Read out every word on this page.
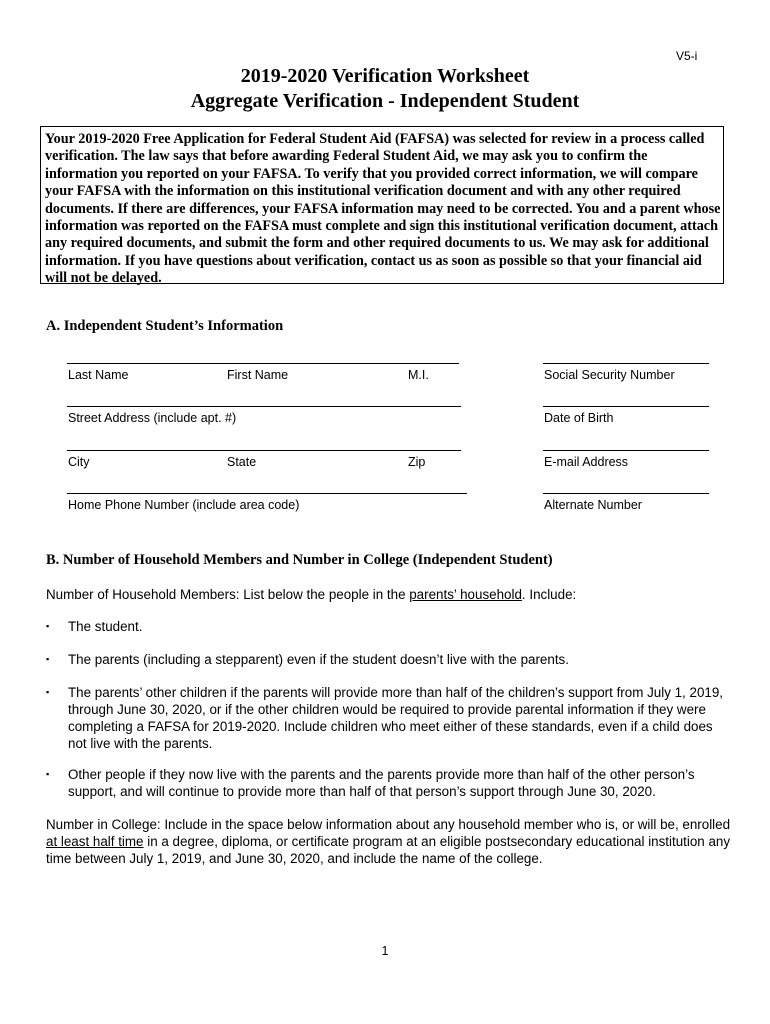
V5-i
2019-2020 Verification Worksheet
Aggregate Verification - Independent Student

Your 2019-2020 Free Application for Federal Student Aid (FAFSA) was selected for review in a process called verification. The law says that before awarding Federal Student Aid, we may ask you to confirm the information you reported on your FAFSA. To verify that you provided correct information, we will compare your FAFSA with the information on this institutional verification document and with any other required documents. If there are differences, your FAFSA information may need to be corrected. You and a parent whose information was reported on the FAFSA must complete and sign this institutional verification document, attach any required documents, and submit the form and other required documents to us. We may ask for additional information. If you have questions about verification, contact us as soon as possible so that your financial aid will not be delayed.

A. Independent Student’s Information
Last Name	First Name	M.I.	Social Security Number
Street Address (include apt. #)	Date of Birth
City	State	Zip	E-mail Address
Home Phone Number (include area code)	Alternate Number
B. Number of Household Members and Number in College (Independent Student)

Number of Household Members: List below the people in the parents’ household. Include:

▪ The student.
▪ The parents (including a stepparent) even if the student doesn’t live with the parents.
▪ The parents’ other children if the parents will provide more than half of the children’s support from July 1, 2019, through June 30, 2020, or if the other children would be required to provide parental information if they were completing a FAFSA for 2019-2020. Include children who meet either of these standards, even if a child does not live with the parents.
▪ Other people if they now live with the parents and the parents provide more than half of the other person’s support, and will continue to provide more than half of that person’s support through June 30, 2020.

Number in College: Include in the space below information about any household member who is, or will be, enrolled at least half time in a degree, diploma, or certificate program at an eligible postsecondary educational institution any time between July 1, 2019, and June 30, 2020, and include the name of the college.

1
